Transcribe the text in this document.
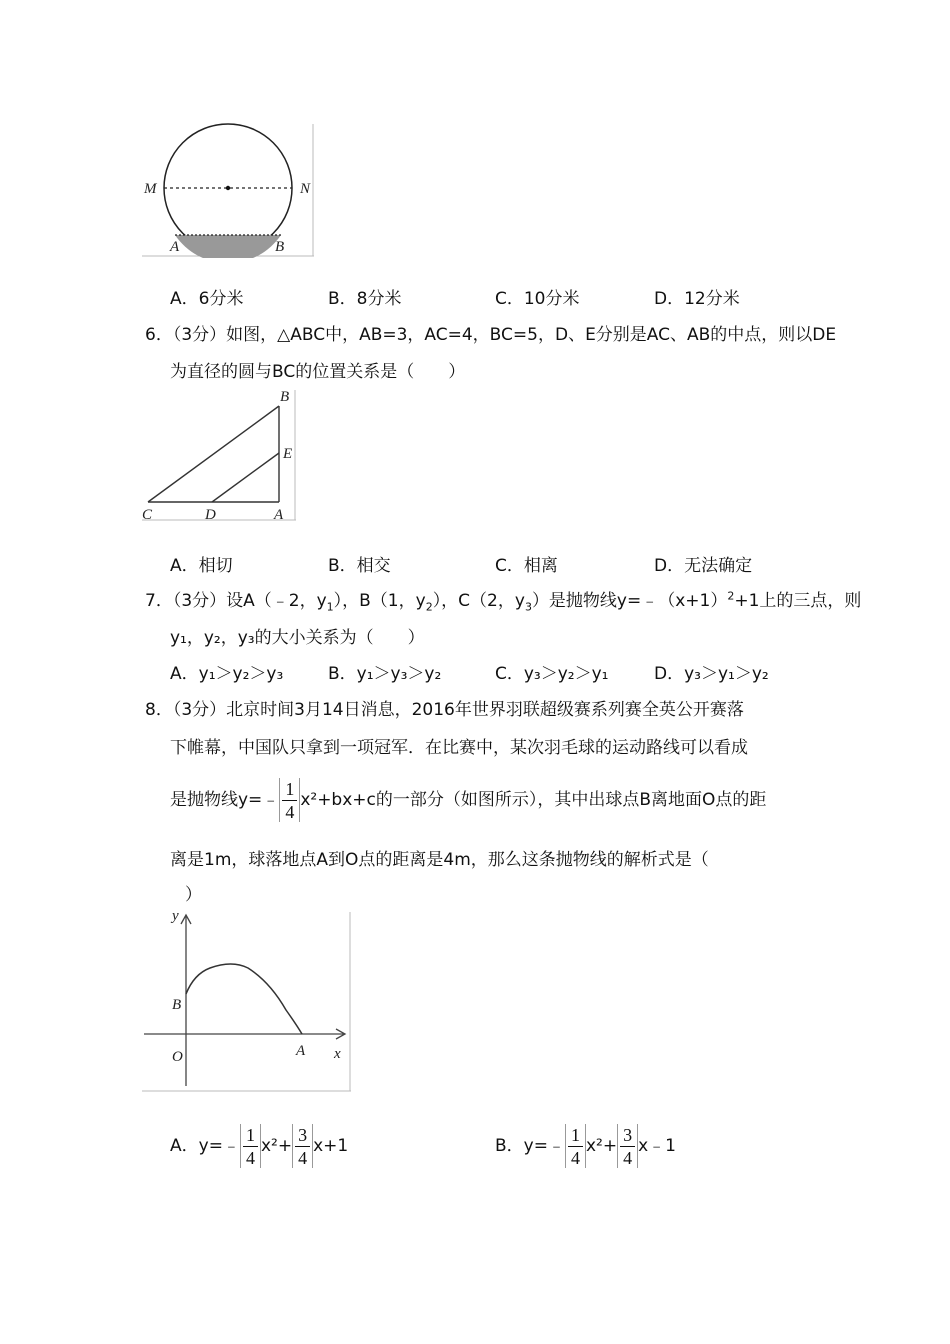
M	N
A	B
A．6分米	B．8分米	C．10分米	D．12分米
6．（3分）如图，△ABC中，AB=3，AC=4，BC=5，D、E分别是AC、AB的中点，则以DE
为直径的圆与BC的位置关系是（　　）
B
E
C	D	A
A．相切	B．相交	C．相离	D．无法确定
7．（3分）设A（﹣2，$y_1$），B（1，$y_2$），C（2，$y_3$）是抛物线$y=﹣(x+1)^2+1$上的三点，则
y₁，y₂，y₃的大小关系为（　　）
A．y₁＞y₂＞y₃	B．y₁＞y₃＞y₂	C．y₃＞y₂＞y₁	D．y₃＞y₁＞y₂
8．（3分）北京时间3月14日消息，2016年世界羽联超级赛系列赛全英公开赛落
下帷幕，中国队只拿到一项冠军．在比赛中，某次羽毛球的运动路线可以看成
是抛物线y=﹣ $\frac{1}{4} x^2+bx+c$的一部分（如图所示），其中出球点B离地面O点的距
离是1m，球落地点A到O点的距离是4m，那么这条抛物线的解析式是（
）
y
B
O	A x
A．y=﹣ $\frac{1}{4} x^2+ \frac{3}{4} x+1$	B．y=﹣ $\frac{1}{4} x^2+ \frac{3}{4}$ x﹣1
